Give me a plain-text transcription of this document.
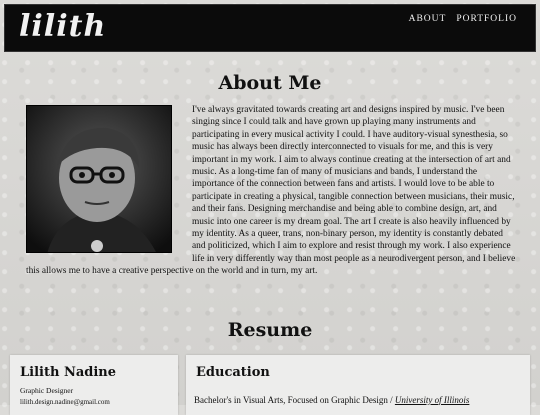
lilith	ABOUT PORTFOLIO
About Me

I've always gravitated towards creating art and designs inspired by music. I've been singing since I could talk and have grown up playing many instruments and participating in every musical activity I could. I have auditory-visual synesthesia, so music has always been directly interconnected to visuals for me, and this is very important in my work. I aim to always continue creating at the intersection of art and music. As a long-time fan of many of musicians and bands, I understand the importance of the connection between fans and artists. I would love to be able to participate in creating a physical, tangible connection between musicians, their music, and their fans. Designing merchandise and being able to combine design, art, and music into one career is my dream goal. The art I create is also heavily influenced by my identity. As a queer, trans, non-binary person, my identity is constantly debated and politicized, which I aim to explore and resist through my work. I also experience life in very differently way than most people as a neurodivergent person, and I believe this allows me to have a creative perspective on the world and in turn, my art.

Resume
Lilith Nadine
Graphic Designer
lilith.design.nadine@gmail.com
Education
Bachelor's in Visual Arts, Focused on Graphic Design / University of Illinois
